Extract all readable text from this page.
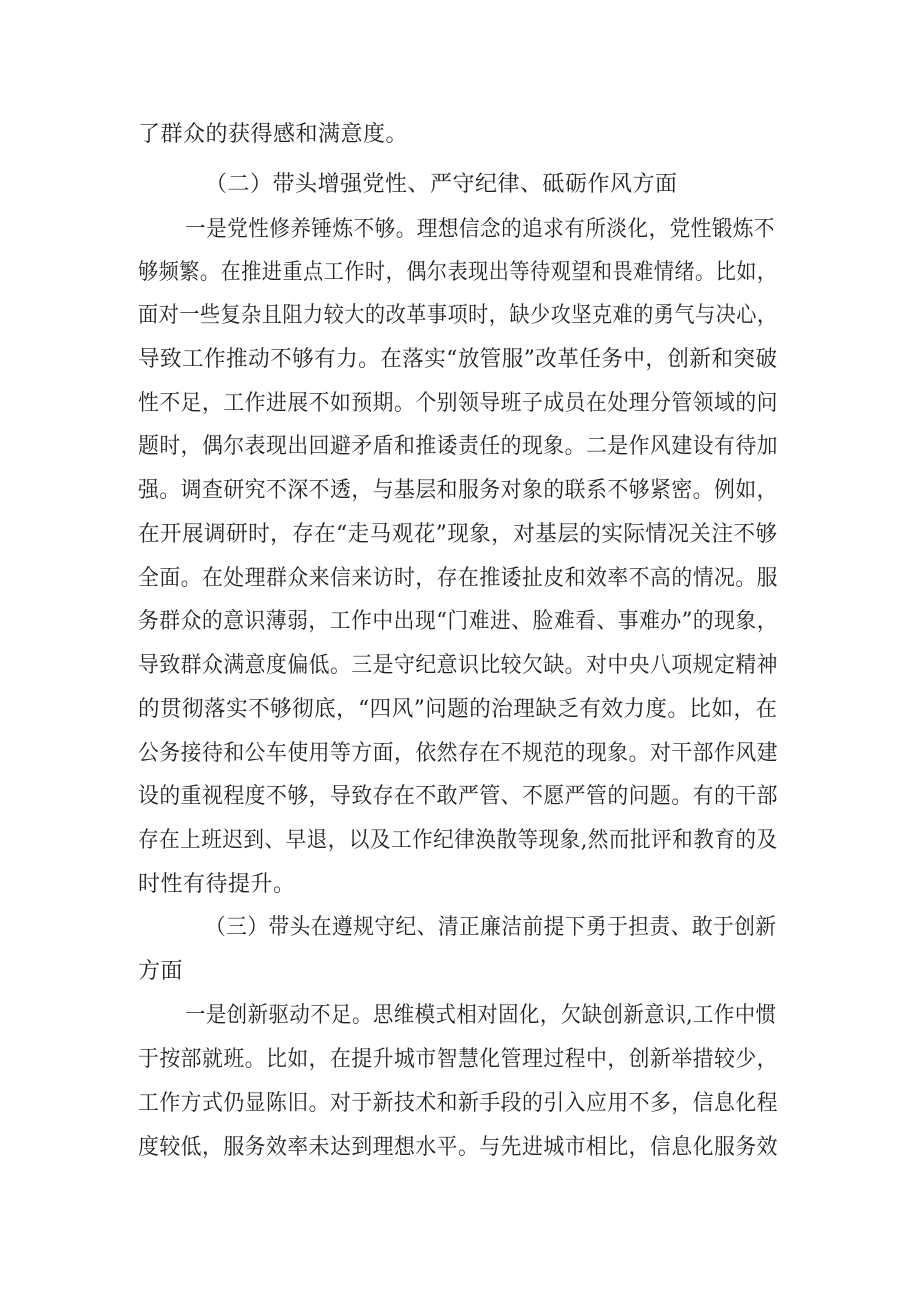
了群众的获得感和满意度。
（二）带头增强党性、严守纪律、砥砺作风方面
一是党性修养锤炼不够。理想信念的追求有所淡化，党性锻炼不
够频繁。在推进重点工作时，偶尔表现出等待观望和畏难情绪。比如，
面对一些复杂且阻力较大的改革事项时，缺少攻坚克难的勇气与决心，
导致工作推动不够有力。在落实“放管服”改革任务中，创新和突破
性不足，工作进展不如预期。个别领导班子成员在处理分管领域的问
题时，偶尔表现出回避矛盾和推诿责任的现象。二是作风建设有待加
强。调查研究不深不透，与基层和服务对象的联系不够紧密。例如，
在开展调研时，存在“走马观花”现象，对基层的实际情况关注不够
全面。在处理群众来信来访时，存在推诿扯皮和效率不高的情况。服
务群众的意识薄弱，工作中出现“门难进、脸难看、事难办”的现象，
导致群众满意度偏低。三是守纪意识比较欠缺。对中央八项规定精神
的贯彻落实不够彻底，“四风”问题的治理缺乏有效力度。比如，在
公务接待和公车使用等方面，依然存在不规范的现象。对干部作风建
设的重视程度不够，导致存在不敢严管、不愿严管的问题。有的干部
存在上班迟到、早退，以及工作纪律涣散等现象,然而批评和教育的及
时性有待提升。
（三）带头在遵规守纪、清正廉洁前提下勇于担责、敢于创新
方面
一是创新驱动不足。思维模式相对固化，欠缺创新意识,工作中惯
于按部就班。比如，在提升城市智慧化管理过程中，创新举措较少，
工作方式仍显陈旧。对于新技术和新手段的引入应用不多，信息化程
度较低，服务效率未达到理想水平。与先进城市相比，信息化服务效
